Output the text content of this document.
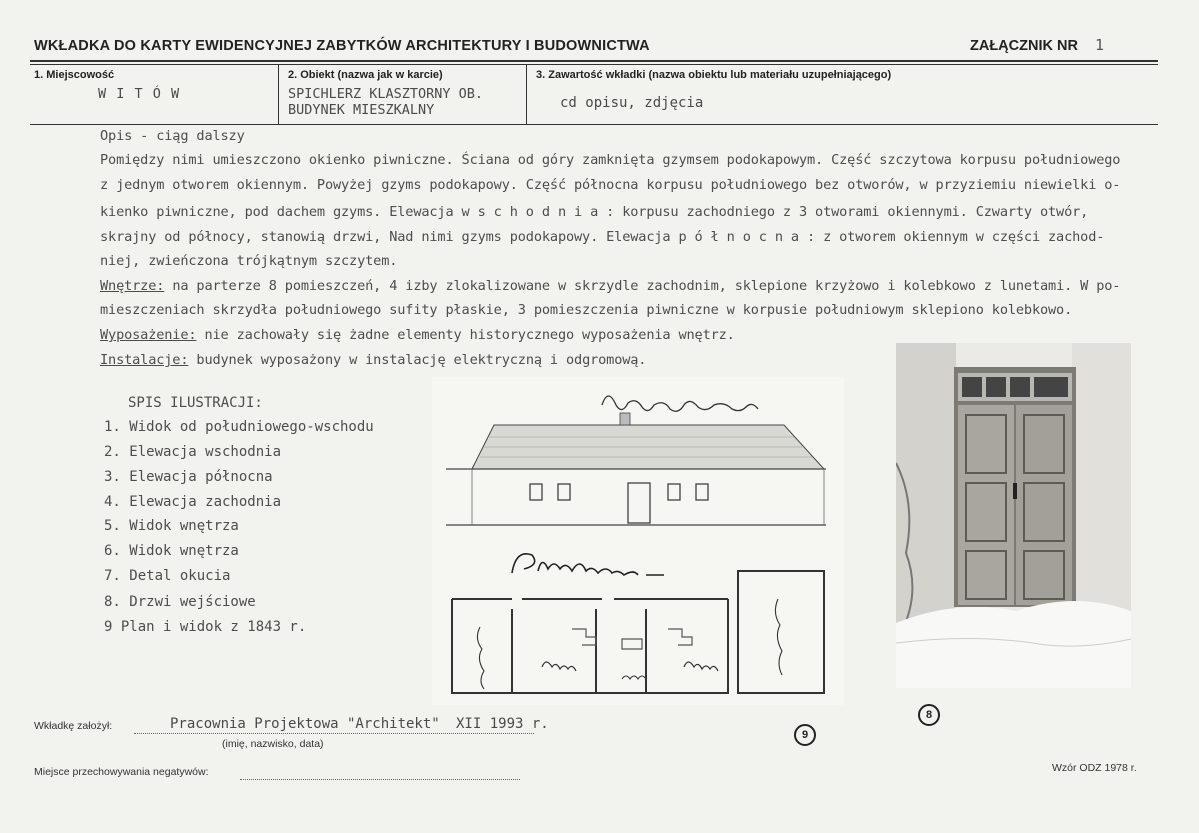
WKŁADKA DO KARTY EWIDENCYJNEJ ZABYTKÓW ARCHITEKTURY I BUDOWNICTWA	ZAŁĄCZNIK NR 1
1. Miejscowość
W I T Ó W
2. Obiekt (nazwa jak w karcie)
SPICHLERZ KLASZTORNY OB.
BUDYNEK MIESZKALNY
3. Zawartość wkładki (nazwa obiektu lub materiału uzupełniającego)
cd opisu, zdjęcia
Opis - ciąg dalszy
Pomiędzy nimi umieszczono okienko piwniczne. Ściana od góry zamknięta gzymsem podokapowym. Część szczytowa korpusu południowego
z jednym otworem okiennym. Powyżej gzyms podokapowy. Część północna korpusu południowego bez otworów, w przyziemiu niewielki o-
kienko piwniczne, pod dachem gzyms. Elewacja w s c h o d n i a : korpusu zachodniego z 3 otworami okiennymi. Czwarty otwór,
skrajny od północy, stanowią drzwi, Nad nimi gzyms podokapowy. Elewacja p ó ł n o c n a : z otworem okiennym w części zachod-
niej, zwieńczona trójkątnym szczytem.
Wnętrze: na parterze 8 pomieszczeń, 4 izby zlokalizowane w skrzydle zachodnim, sklepione krzyżowo i kolebkowo z lunetami. W po-
mieszczeniach skrzydła południowego sufity płaskie, 3 pomieszczenia piwniczne w korpusie południowym sklepiono kolebkowo.
Wyposażenie: nie zachowały się żadne elementy historycznego wyposażenia wnętrz.
Instalacje: budynek wyposażony w instalację elektryczną i odgromową.
SPIS ILUSTRACJI:
1. Widok od południowego-wschodu
2. Elewacja wschodnia
3. Elewacja północna
4. Elewacja zachodnia
5. Widok wnętrza
6. Widok wnętrza
7. Detal okucia
8. Drzwi wejściowe
9 Plan i widok z 1843 r.
9
8
Wkładkę założył:	Pracownia Projektowa "Architekt" XII 1993 r.
(imię, nazwisko, data)
Miejsce przechowywania negatywów:	Wzór ODZ 1978 r.
